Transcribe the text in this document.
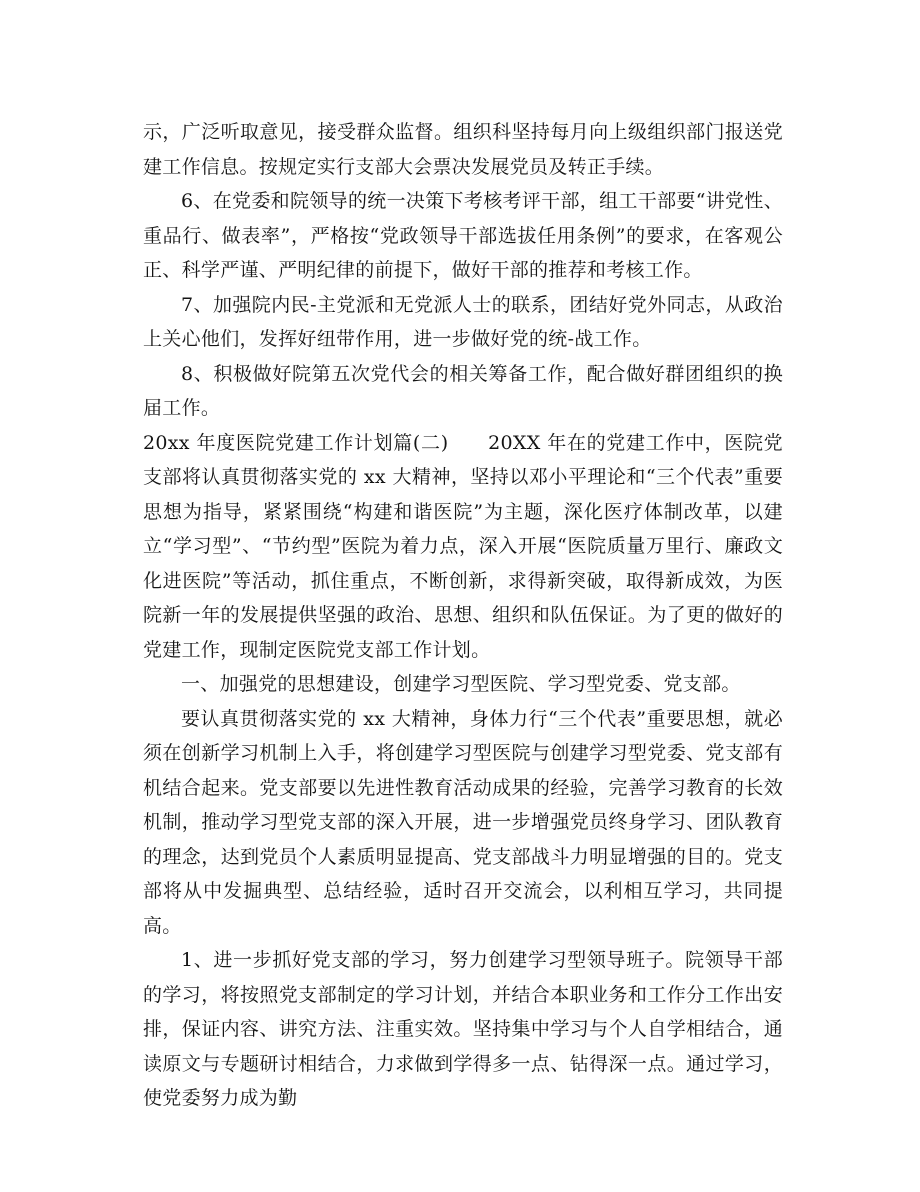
示，广泛听取意见，接受群众监督。组织科坚持每月向上级组织部门报送党建工作信息。按规定实行支部大会票决发展党员及转正手续。

6、在党委和院领导的统一决策下考核考评干部，组工干部要“讲党性、重品行、做表率”，严格按“党政领导干部选拔任用条例”的要求，在客观公正、科学严谨、严明纪律的前提下，做好干部的推荐和考核工作。

7、加强院内民-主党派和无党派人士的联系，团结好党外同志，从政治上关心他们，发挥好纽带作用，进一步做好党的统-战工作。

8、积极做好院第五次党代会的相关筹备工作，配合做好群团组织的换届工作。

20xx 年度医院党建工作计划篇(二)　　20XX 年在的党建工作中，医院党支部将认真贯彻落实党的 xx 大精神，坚持以邓小平理论和“三个代表”重要思想为指导，紧紧围绕“构建和谐医院”为主题，深化医疗体制改革，以建立“学习型”、“节约型”医院为着力点，深入开展“医院质量万里行、廉政文化进医院”等活动，抓住重点，不断创新，求得新突破，取得新成效，为医院新一年的发展提供坚强的政治、思想、组织和队伍保证。为了更的做好的党建工作，现制定医院党支部工作计划。

一、加强党的思想建设，创建学习型医院、学习型党委、党支部。

要认真贯彻落实党的 xx 大精神，身体力行“三个代表”重要思想，就必须在创新学习机制上入手，将创建学习型医院与创建学习型党委、党支部有机结合起来。党支部要以先进性教育活动成果的经验，完善学习教育的长效机制，推动学习型党支部的深入开展，进一步增强党员终身学习、团队教育的理念，达到党员个人素质明显提高、党支部战斗力明显增强的目的。党支部将从中发掘典型、总结经验，适时召开交流会，以利相互学习，共同提高。

1、进一步抓好党支部的学习，努力创建学习型领导班子。院领导干部的学习，将按照党支部制定的学习计划，并结合本职业务和工作分工作出安排，保证内容、讲究方法、注重实效。坚持集中学习与个人自学相结合，通读原文与专题研讨相结合，力求做到学得多一点、钻得深一点。通过学习，使党委努力成为勤
